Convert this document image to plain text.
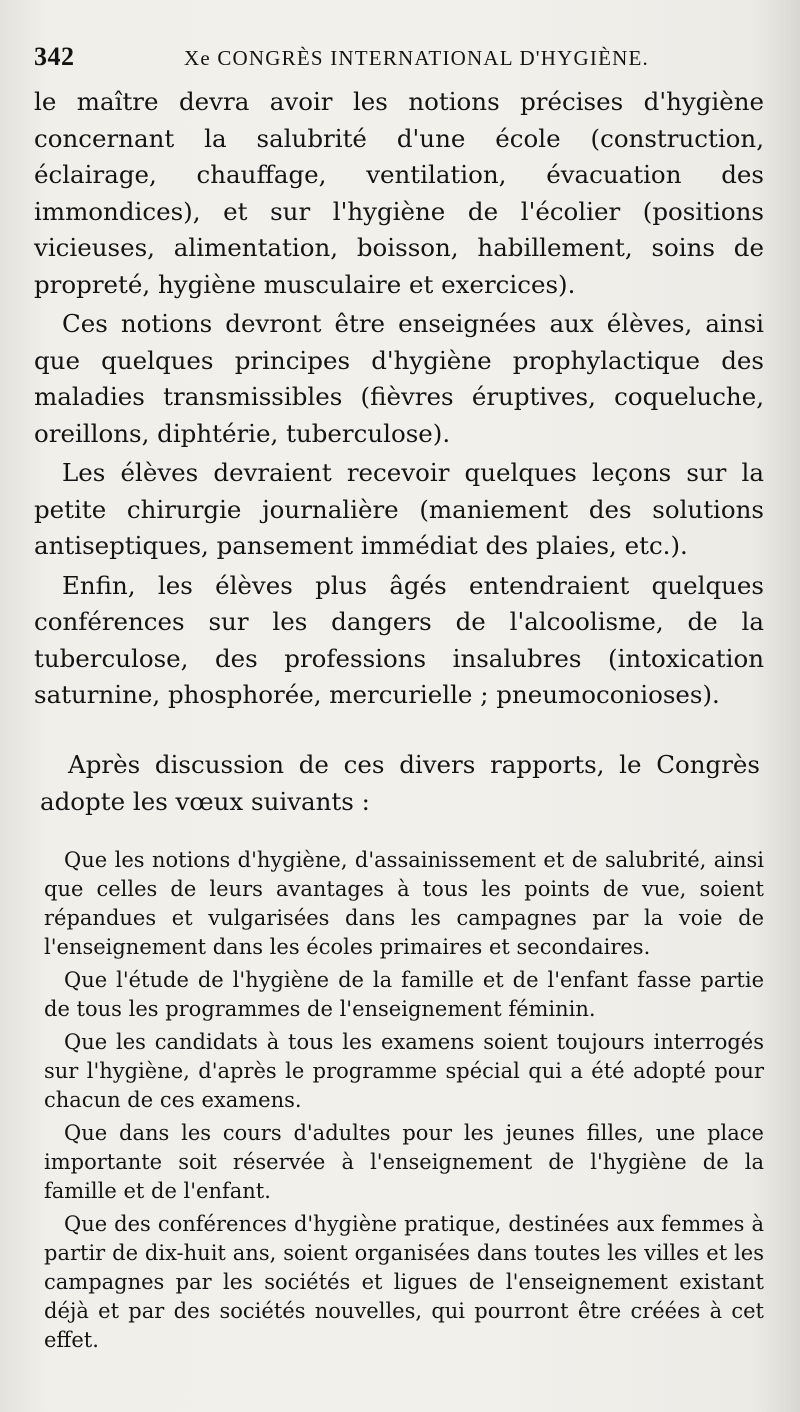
342	Xe CONGRÈS INTERNATIONAL D'HYGIÈNE.

le maître devra avoir les notions précises d'hygiène concernant la salubrité d'une école (construction, éclairage, chauffage, ventilation, évacuation des immondices), et sur l'hygiène de l'écolier (positions vicieuses, alimentation, boisson, habillement, soins de propreté, hygiène musculaire et exercices).

Ces notions devront être enseignées aux élèves, ainsi que quelques principes d'hygiène prophylactique des maladies transmissibles (fièvres éruptives, coqueluche, oreillons, diphtérie, tuberculose).

Les élèves devraient recevoir quelques leçons sur la petite chirurgie journalière (maniement des solutions antiseptiques, pansement immédiat des plaies, etc.).

Enfin, les élèves plus âgés entendraient quelques conférences sur les dangers de l'alcoolisme, de la tuberculose, des professions insalubres (intoxication saturnine, phosphorée, mercurielle ; pneumoconioses).

Après discussion de ces divers rapports, le Congrès adopte les vœux suivants :

Que les notions d'hygiène, d'assainissement et de salubrité, ainsi que celles de leurs avantages à tous les points de vue, soient répandues et vulgarisées dans les campagnes par la voie de l'enseignement dans les écoles primaires et secondaires.

Que l'étude de l'hygiène de la famille et de l'enfant fasse partie de tous les programmes de l'enseignement féminin.

Que les candidats à tous les examens soient toujours interrogés sur l'hygiène, d'après le programme spécial qui a été adopté pour chacun de ces examens.

Que dans les cours d'adultes pour les jeunes filles, une place importante soit réservée à l'enseignement de l'hygiène de la famille et de l'enfant.

Que des conférences d'hygiène pratique, destinées aux femmes à partir de dix-huit ans, soient organisées dans toutes les villes et les campagnes par les sociétés et ligues de l'enseignement existant déjà et par des sociétés nouvelles, qui pourront être créées à cet effet.
